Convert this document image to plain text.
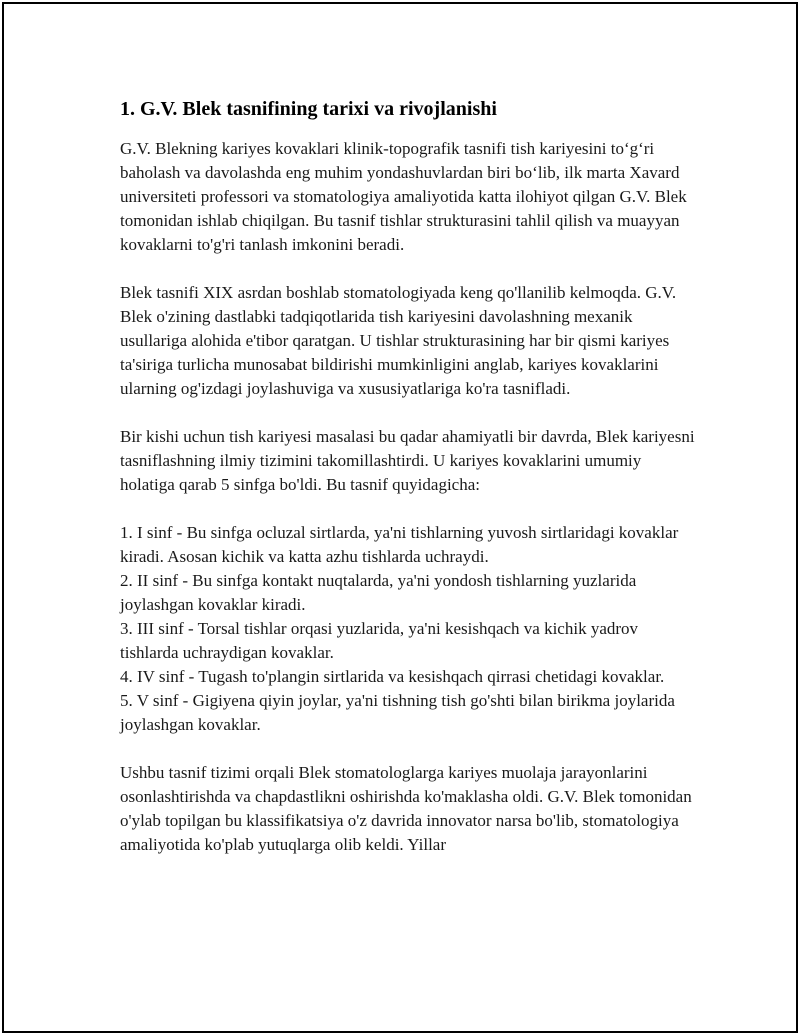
1. G.V. Blek tasnifining tarixi va rivojlanishi

G.V. Blekning kariyes kovaklari klinik-topografik tasnifi tish kariyesini to‘g‘ri baholash va davolashda eng muhim yondashuvlardan biri bo‘lib, ilk marta Xavard universiteti professori va stomatologiya amaliyotida katta ilohiyot qilgan G.V. Blek tomonidan ishlab chiqilgan. Bu tasnif tishlar strukturasini tahlil qilish va muayyan kovaklarni to'g'ri tanlash imkonini beradi.

Blek tasnifi XIX asrdan boshlab stomatologiyada keng qo'llanilib kelmoqda. G.V. Blek o'zining dastlabki tadqiqotlarida tish kariyesini davolashning mexanik usullariga alohida e'tibor qaratgan. U tishlar strukturasining har bir qismi kariyes ta'siriga turlicha munosabat bildirishi mumkinligini anglab, kariyes kovaklarini ularning og'izdagi joylashuviga va xususiyatlariga ko'ra tasnifladi.

Bir kishi uchun tish kariyesi masalasi bu qadar ahamiyatli bir davrda, Blek kariyesni tasniflashning ilmiy tizimini takomillashtirdi. U kariyes kovaklarini umumiy holatiga qarab 5 sinfga bo'ldi. Bu tasnif quyidagicha:

1. I sinf - Bu sinfga ocluzal sirtlarda, ya'ni tishlarning yuvosh sirtlaridagi kovaklar kiradi. Asosan kichik va katta azhu tishlarda uchraydi.

2. II sinf - Bu sinfga kontakt nuqtalarda, ya'ni yondosh tishlarning yuzlarida joylashgan kovaklar kiradi.

3. III sinf - Torsal tishlar orqasi yuzlarida, ya'ni kesishqach va kichik yadrov tishlarda uchraydigan kovaklar.

4. IV sinf - Tugash to'plangin sirtlarida va kesishqach qirrasi chetidagi kovaklar.

5. V sinf - Gigiyena qiyin joylar, ya'ni tishning tish go'shti bilan birikma joylarida joylashgan kovaklar.

Ushbu tasnif tizimi orqali Blek stomatologlarga kariyes muolaja jarayonlarini osonlashtirishda va chapdastlikni oshirishda ko'maklasha oldi. G.V. Blek tomonidan o'ylab topilgan bu klassifikatsiya o'z davrida innovator narsa bo'lib, stomatologiya amaliyotida ko'plab yutuqlarga olib keldi. Yillar
